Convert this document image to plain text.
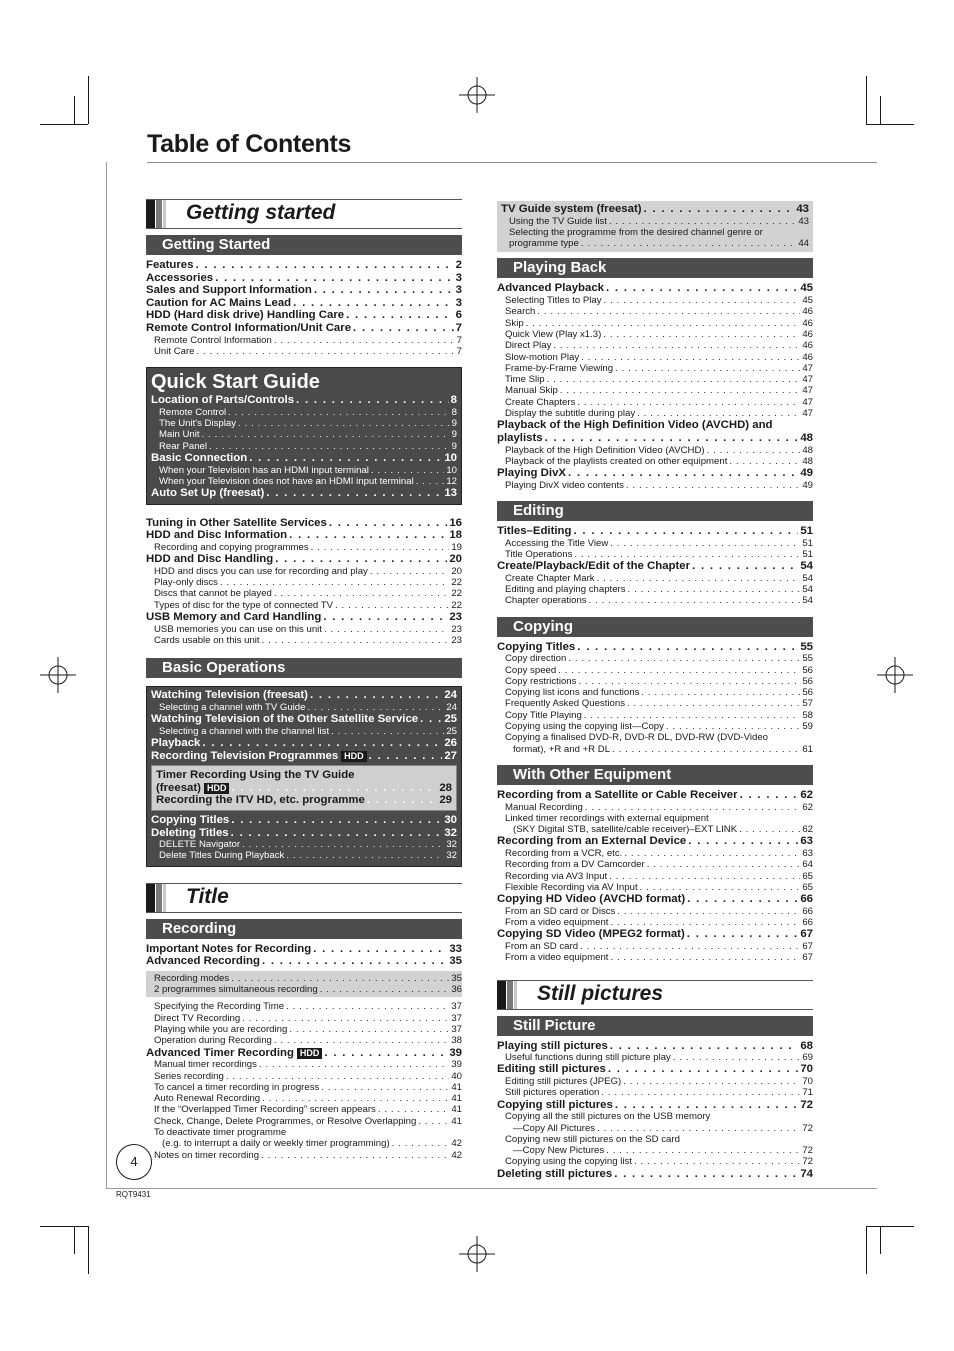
Table of Contents
Getting started
Getting Started
Features . . .	2
Accessories . . .	3
Sales and Support Information . . .	3
Caution for AC Mains Lead . . .	3
HDD (Hard disk drive) Handling Care . . .	6
Remote Control Information/Unit Care . . .	7
Remote Control Information . . .	7
Unit Care . . .	7
Quick Start Guide
Location of Parts/Controls . . .	8
Remote Control . . .	8
The Unit's Display . . .	9
Main Unit . . .	9
Rear Panel . . .	9
Basic Connection . . .	10
When your Television has an HDMI input terminal . . .	10
When your Television does not have an HDMI input terminal . . .	12
Auto Set Up (freesat) . . .	13
Tuning in Other Satellite Services . . .	16
HDD and Disc Information . . .	18
Recording and copying programmes . . .	19
HDD and Disc Handling . . .	20
HDD and discs you can use for recording and play . . .	20
Play-only discs . . .	22
Discs that cannot be played . . .	22
Types of disc for the type of connected TV . . .	22
USB Memory and Card Handling . . .	23
USB memories you can use on this unit . . .	23
Cards usable on this unit . . .	23
Basic Operations
Watching Television (freesat) . . .	24
Selecting a channel with TV Guide . . .	24
Watching Television of the Other Satellite Service . . . 25
Selecting a channel with the channel list . . .	25
Playback . . .	26
Recording Television Programmes HDD . . .	27
Timer Recording Using the TV Guide
(freesat) HDD . . .	28
Recording the ITV HD, etc. programme . . .	29
Copying Titles . . .	30
Deleting Titles . . .	32
DELETE Navigator . . .	32
Delete Titles During Playback . . .	32
Title
Recording
Important Notes for Recording . . .	33
Advanced Recording . . .	35
Recording modes . . .	35
2 programmes simultaneous recording . . .	36
Specifying the Recording Time . . .	37
Direct TV Recording . . .	37
Playing while you are recording . . .	37
Operation during Recording . . .	38
Advanced Timer Recording HDD . . .	39
Manual timer recordings . . .	39
Series recording . . .	40
To cancel a timer recording in progress . . .	41
Auto Renewal Recording . . .	41
If the “Overlapped Timer Recording” screen appears . . .	41
Check, Change, Delete Programmes, or Resolve Overlapping . . .	41
To deactivate timer programme
(e.g. to interrupt a daily or weekly timer programming) . . .	42
Notes on timer recording . . .	42
TV Guide system (freesat) . . .	43
Using the TV Guide list . . .	43
Selecting the programme from the desired channel genre or
programme type . . .	44
Playing Back
Advanced Playback . . .	45
Selecting Titles to Play . . .	45
Search . . .	46
Skip . . .	46
Quick View (Play x1.3) . . .	46
Direct Play . . .	46
Slow-motion Play . . .	46
Frame-by-Frame Viewing . . .	47
Time Slip . . .	47
Manual Skip . . .	47
Create Chapters . . .	47
Display the subtitle during play . . .	47
Playback of the High Definition Video (AVCHD) and
playlists . . .	48
Playback of the High Definition Video (AVCHD) . . .	48
Playback of the playlists created on other equipment . . .	48
Playing DivX . . .	49
Playing DivX video contents . . .	49
Editing
Titles–Editing . . .	51
Accessing the Title View . . .	51
Title Operations . . .	51
Create/Playback/Edit of the Chapter . . .	54
Create Chapter Mark . . .	54
Editing and playing chapters . . .	54
Chapter operations . . .	54
Copying
Copying Titles . . .	55
Copy direction . . .	55
Copy speed . . .	56
Copy restrictions . . .	56
Copying list icons and functions . . .	56
Frequently Asked Questions . . .	57
Copy Title Playing . . .	58
Copying using the copying list—Copy . . .	59
Copying a finalised DVD-R, DVD-R DL, DVD-RW (DVD-Video
format), +R and +R DL . . .	61
With Other Equipment
Recording from a Satellite or Cable Receiver . . .	62
Manual Recording . . .	62
Linked timer recordings with external equipment
(SKY Digital STB, satellite/cable receiver)–EXT LINK . . .	62
Recording from an External Device . . .	63
Recording from a VCR, etc. . . .	63
Recording from a DV Camcorder . . .	64
Recording via AV3 Input . . .	65
Flexible Recording via AV Input . . .	65
Copying HD Video (AVCHD format) . . .	66
From an SD card or Discs . . .	66
From a video equipment . . .	66
Copying SD Video (MPEG2 format) . . .	67
From an SD card . . .	67
From a video equipment . . .	67
Still pictures
Still Picture
Playing still pictures . . .	68
Useful functions during still picture play . . .	69
Editing still pictures . . .	70
Editing still pictures (JPEG) . . .	70
Still pictures operation . . .	71
Copying still pictures . . .	72
Copying all the still pictures on the USB memory
—Copy All Pictures . . .	72
Copying new still pictures on the SD card
—Copy New Pictures . . .	72
Copying using the copying list . . .	72
Deleting still pictures . . .	74
4
RQT9431
